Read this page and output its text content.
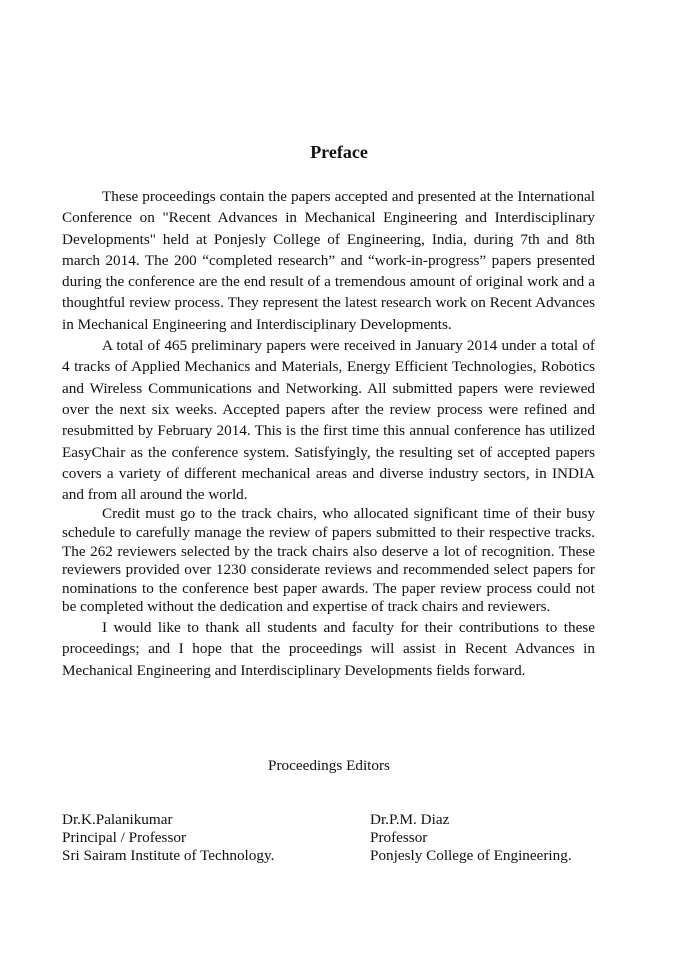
Preface

These proceedings contain the papers accepted and presented at the International Conference on "Recent Advances in Mechanical Engineering and Interdisciplinary Developments" held at Ponjesly College of Engineering, India, during 7th and 8th march 2014. The 200 “completed research” and “work-in-progress” papers presented during the conference are the end result of a tremendous amount of original work and a thoughtful review process. They represent the latest research work on Recent Advances in Mechanical Engineering and Interdisciplinary Developments.

A total of 465 preliminary papers were received in January 2014 under a total of 4 tracks of Applied Mechanics and Materials, Energy Efficient Technologies, Robotics and Wireless Communications and Networking. All submitted papers were reviewed over the next six weeks. Accepted papers after the review process were refined and resubmitted by February 2014. This is the first time this annual conference has utilized EasyChair as the conference system. Satisfyingly, the resulting set of accepted papers covers a variety of different mechanical areas and diverse industry sectors, in INDIA and from all around the world.

Credit must go to the track chairs, who allocated significant time of their busy schedule to carefully manage the review of papers submitted to their respective tracks. The 262 reviewers selected by the track chairs also deserve a lot of recognition. These reviewers provided over 1230 considerate reviews and recommended select papers for nominations to the conference best paper awards. The paper review process could not be completed without the dedication and expertise of track chairs and reviewers.

I would like to thank all students and faculty for their contributions to these proceedings; and I hope that the proceedings will assist in Recent Advances in Mechanical Engineering and Interdisciplinary Developments fields forward.

Proceedings Editors
Dr.K.Palanikumar
Principal / Professor
Sri Sairam Institute of Technology.
Dr.P.M. Diaz
Professor
Ponjesly College of Engineering.
